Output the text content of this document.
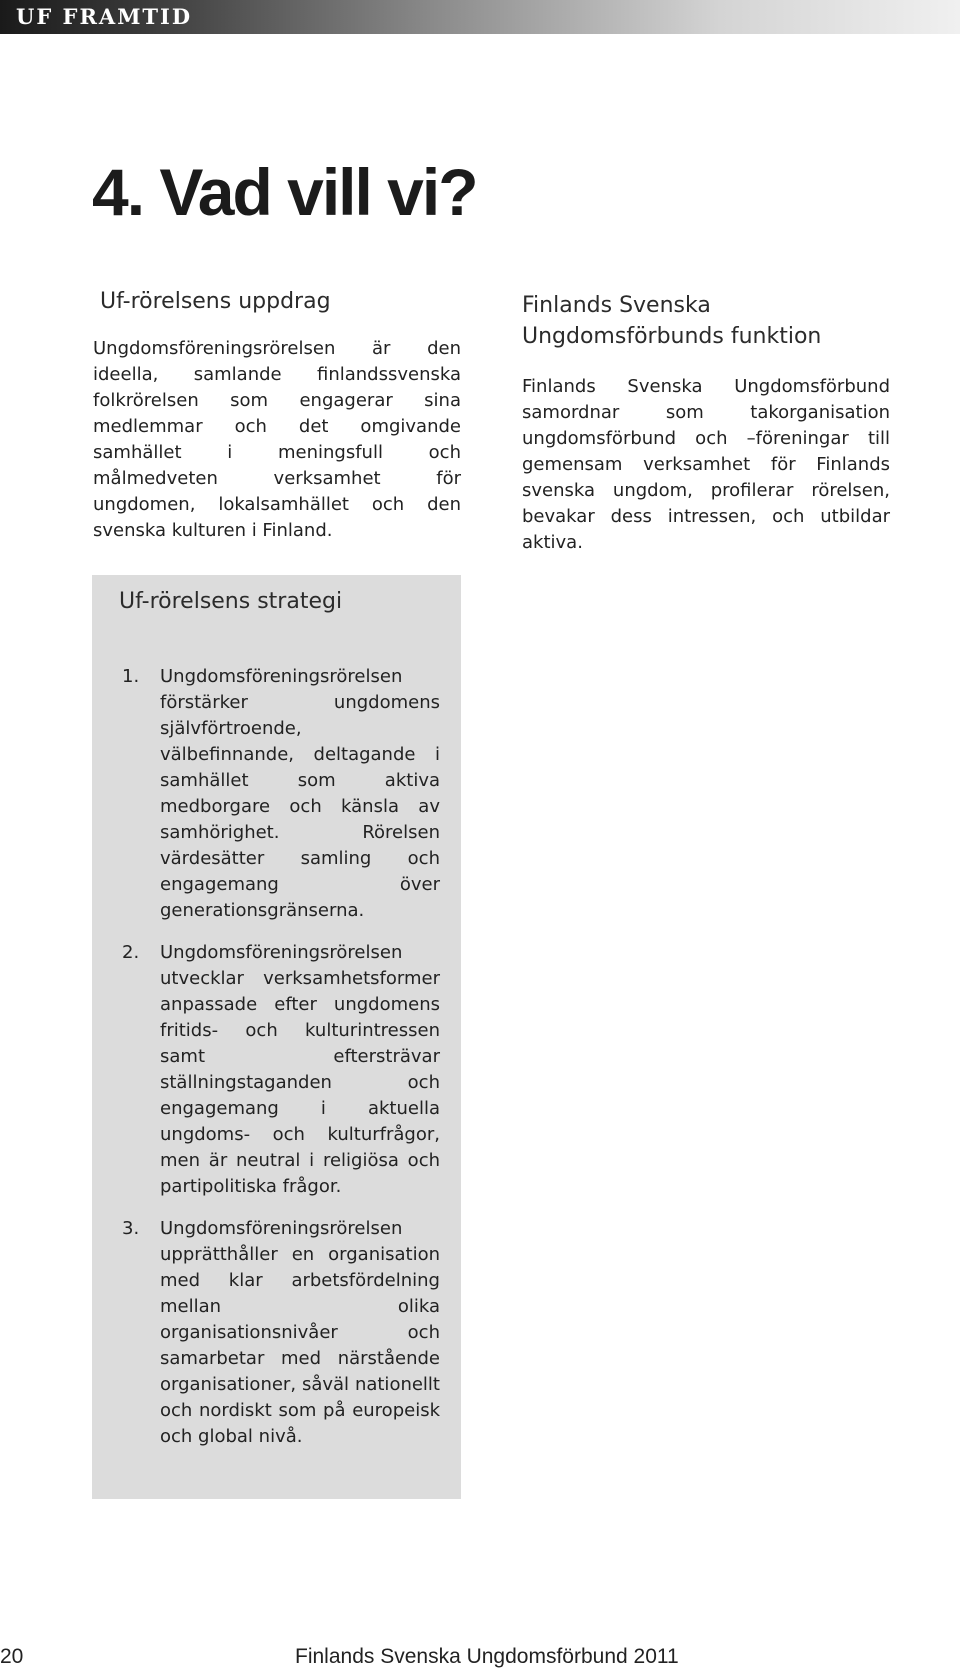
UF FRAMTID
4. Vad vill vi?
Uf-rörelsens uppdrag

Ungdomsföreningsrörelsen är den ideella, samlande finlandssvenska folkrörelsen som engagerar sina medlemmar och det omgivande samhället i meningsfull och målmedveten verksamhet för ungdomen, lokalsamhället och den svenska kulturen i Finland.

Finlands Svenska Ungdomsförbunds funktion

Finlands Svenska Ungdomsförbund samordnar som takorganisation ungdomsförbund och –föreningar till gemensam verksamhet för Finlands svenska ungdom, profilerar rörelsen, bevakar dess intressen, och utbildar aktiva.

Uf-rörelsens strategi
1. Ungdomsföreningsrörelsen förstärker ungdomens självförtroende, välbefinnande, deltagande i samhället som aktiva medborgare och känsla av samhörighet. Rörelsen värdesätter samling och engagemang över generationsgränserna.

2. Ungdomsföreningsrörelsen utvecklar verksamhetsformer anpassade efter ungdomens fritids- och kulturintressen samt eftersträvar ställningstaganden och engagemang i aktuella ungdoms- och kulturfrågor, men är neutral i religiösa och partipolitiska frågor.

3. Ungdomsföreningsrörelsen upprätthåller en organisation med klar arbetsfördelning mellan olika organisationsnivåer och samarbetar med närstående organisationer, såväl nationellt och nordiskt som på europeisk och global nivå.

20	Finlands Svenska Ungdomsförbund 2011
